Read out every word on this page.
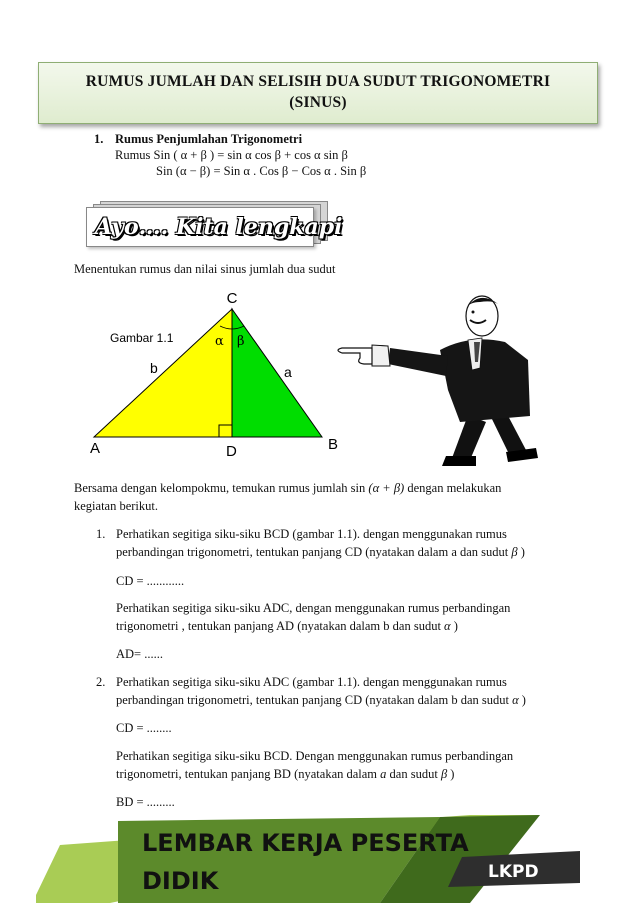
RUMUS JUMLAH DAN SELISIH DUA SUDUT TRIGONOMETRI
(SINUS)
1. Rumus Penjumlahan Trigonometri
Rumus Sin ( α + β ) = sin α cos β + cos α sin β
Sin (α − β) = Sin α . Cos β − Cos α . Sin β
Ayo…. Kita lengkapi
Menentukan rumus dan nilai sinus jumlah dua sudut
C
A	B
D
Gambar 1.1
b	a
α β
Bersama dengan kelompokmu, temukan rumus jumlah sin (α + β) dengan melakukan
kegiatan berikut.
1. Perhatikan segitiga siku-siku BCD (gambar 1.1). dengan menggunakan rumus
perbandingan trigonometri, tentukan panjang CD (nyatakan dalam a dan sudut β )
CD = ............
Perhatikan segitiga siku-siku ADC, dengan menggunakan rumus perbandingan
trigonometri , tentukan panjang AD (nyatakan dalam b dan sudut α )
AD= ......
2. Perhatikan segitiga siku-siku ADC (gambar 1.1). dengan menggunakan rumus
perbandingan trigonometri, tentukan panjang CD (nyatakan dalam b dan sudut α )
CD = ........
Perhatikan segitiga siku-siku BCD. Dengan menggunakan rumus perbandingan
trigonometri, tentukan panjang BD (nyatakan dalam a dan sudut β )
BD = .........
LEMBAR KERJA PESERTA
DIDIK	LKPD
